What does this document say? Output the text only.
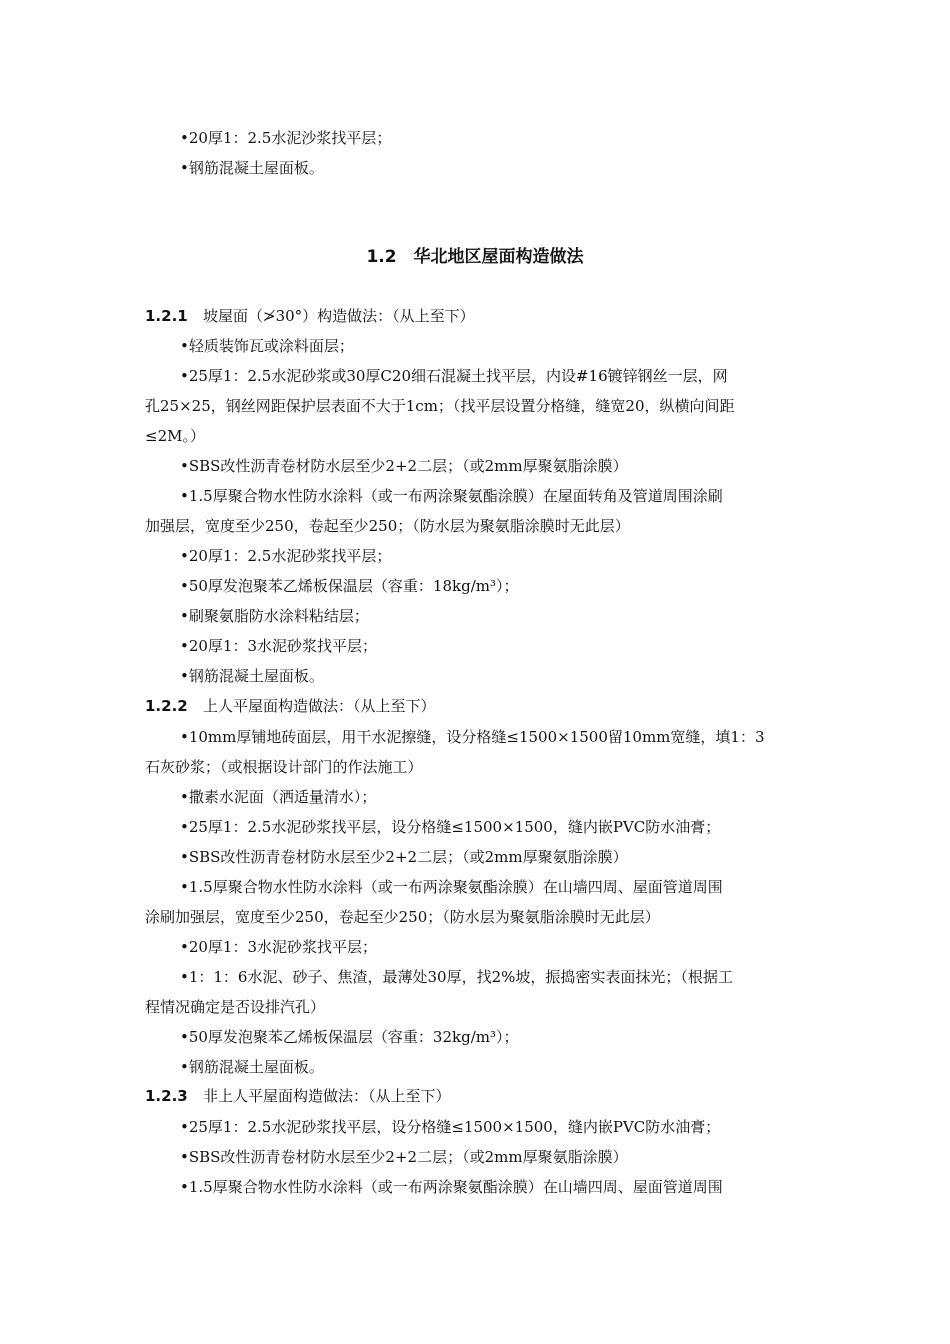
•20厚1：2.5水泥沙浆找平层；
•钢筋混凝土屋面板。
1.2　华北地区屋面构造做法
1.2.1 坡屋面（≯30°）构造做法：（从上至下）
•轻质装饰瓦或涂料面层；
•25厚1：2.5水泥砂浆或30厚C20细石混凝土找平层，内设#16镀锌钢丝一层，网
孔25×25，钢丝网距保护层表面不大于1cm；（找平层设置分格缝，缝宽20，纵横向间距
≤2M。）
•SBS改性沥青卷材防水层至少2+2二层；（或2mm厚聚氨脂涂膜）
•1.5厚聚合物水性防水涂料（或一布两涂聚氨酯涂膜）在屋面转角及管道周围涂刷
加强层，宽度至少250，卷起至少250；（防水层为聚氨脂涂膜时无此层）
•20厚1：2.5水泥砂浆找平层；
•50厚发泡聚苯乙烯板保温层（容重：18kg/m³）；
•刷聚氨脂防水涂料粘结层；
•20厚1：3水泥砂浆找平层；
•钢筋混凝土屋面板。
1.2.2 上人平屋面构造做法：（从上至下）
•10mm厚铺地砖面层，用干水泥擦缝，设分格缝≤1500×1500留10mm宽缝，填1：3
石灰砂浆；（或根据设计部门的作法施工）
•撒素水泥面（洒适量清水）；
•25厚1：2.5水泥砂浆找平层，设分格缝≤1500×1500，缝内嵌PVC防水油膏；
•SBS改性沥青卷材防水层至少2+2二层；（或2mm厚聚氨脂涂膜）
•1.5厚聚合物水性防水涂料（或一布两涂聚氨酯涂膜）在山墙四周、屋面管道周围
涂刷加强层，宽度至少250，卷起至少250；（防水层为聚氨脂涂膜时无此层）
•20厚1：3水泥砂浆找平层；
•1：1：6水泥、砂子、焦渣，最薄处30厚，找2%坡，振捣密实表面抹光；（根据工
程情况确定是否设排汽孔）
•50厚发泡聚苯乙烯板保温层（容重：32kg/m³）；
•钢筋混凝土屋面板。
1.2.3 非上人平屋面构造做法：（从上至下）
•25厚1：2.5水泥砂浆找平层，设分格缝≤1500×1500，缝内嵌PVC防水油膏；
•SBS改性沥青卷材防水层至少2+2二层；（或2mm厚聚氨脂涂膜）
•1.5厚聚合物水性防水涂料（或一布两涂聚氨酯涂膜）在山墙四周、屋面管道周围
